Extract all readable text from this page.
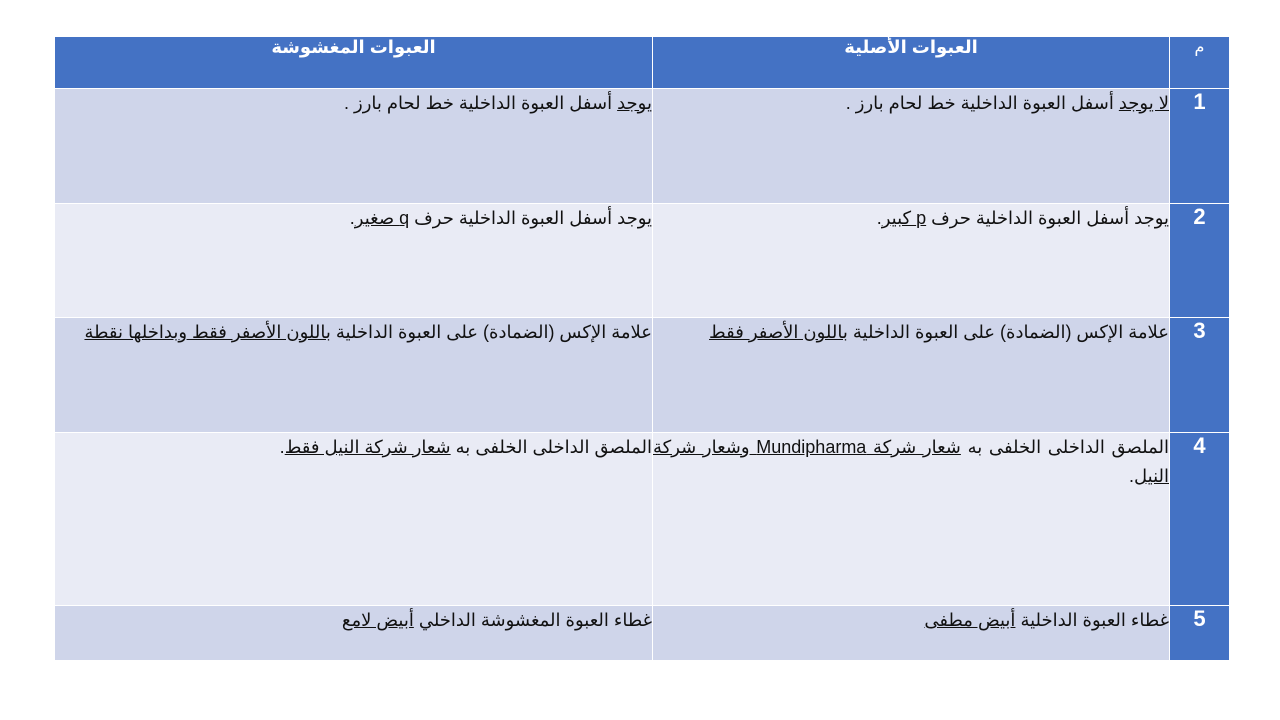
م	العبوات الأصلية	العبوات المغشوشة
1	لا يوجد أسفل العبوة الداخلية خط لحام بارز .	يوجد أسفل العبوة الداخلية خط لحام بارز .
2	يوجد أسفل العبوة الداخلية حرف p كبير.	يوجد أسفل العبوة الداخلية حرف q صغير.
3	علامة الإكس (الضمادة) على العبوة الداخلية باللون الأصفر فقط	علامة الإكس (الضمادة) على العبوة الداخلية باللون الأصفر فقط وبداخلها نقطة
4	الملصق الداخلى الخلفى به شعار شركة Mundipharma وشعار شركة النيل.	الملصق الداخلى الخلفى به شعار شركة النيل فقط.
5	غطاء العبوة الداخلية أبيض مطفى	غطاء العبوة المغشوشة الداخلي أبيض لامع
